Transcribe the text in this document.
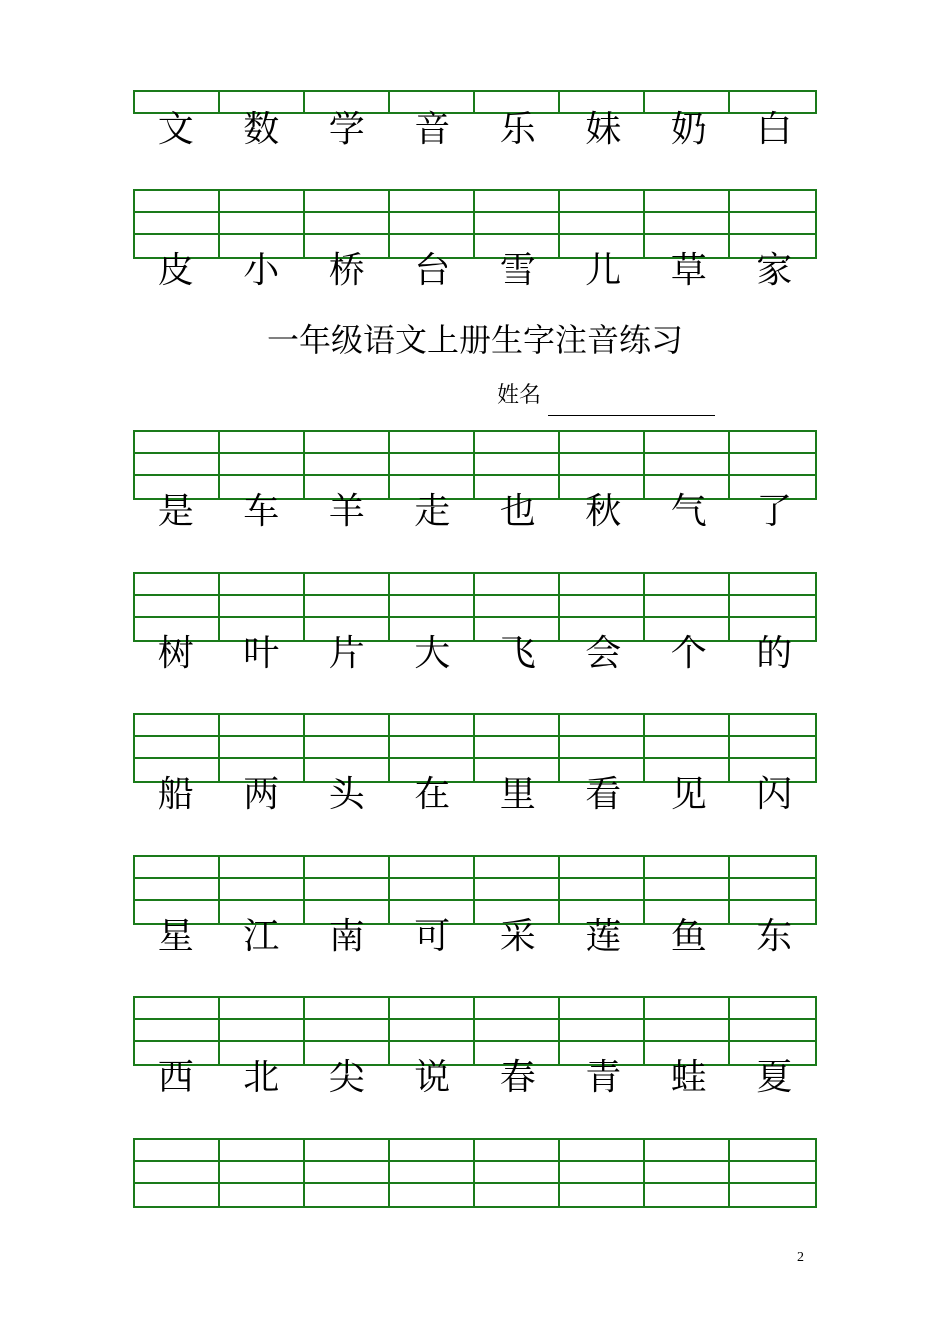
文	数	学	音	乐	妹	奶	白
皮	小	桥	台	雪	儿	草	家
一年级语文上册生字注音练习
姓名
是	车	羊	走	也	秋	气	了
树	叶	片	大	飞	会	个	的
船	两	头	在	里	看	见	闪
星	江	南	可	采	莲	鱼	东
西	北	尖	说	春	青	蛙	夏
2
